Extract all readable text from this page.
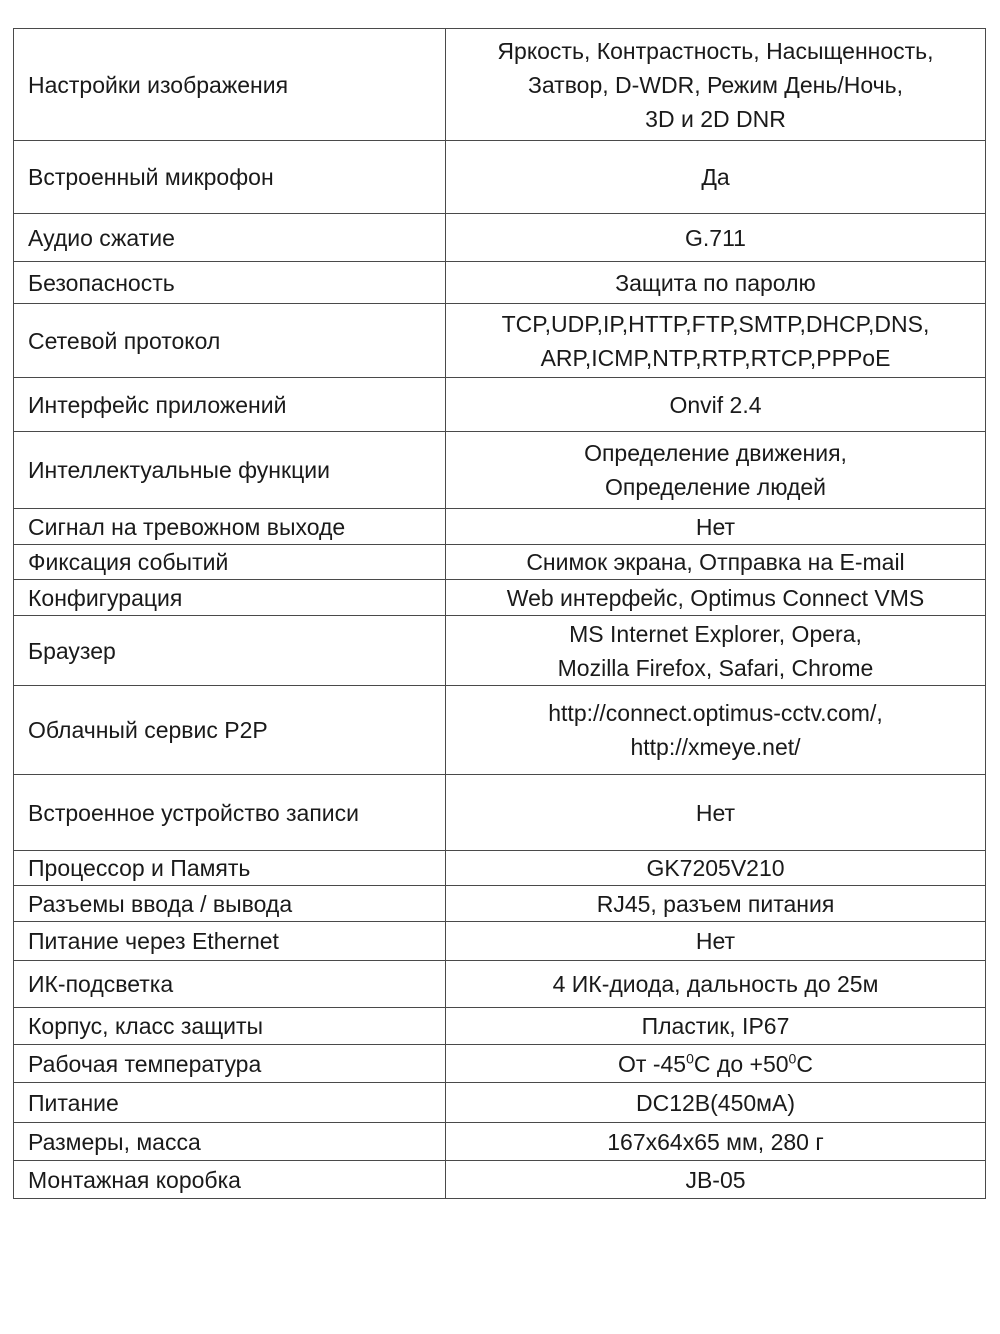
Настройки изображения	Яркость, Контрастность, Насыщенность,
Затвор, D-WDR, Режим День/Ночь,
3D и 2D DNR
Встроенный микрофон	Да
Аудио сжатие	G.711
Безопасность	Защита по паролю
Сетевой протокол	TCP,UDP,IP,HTTP,FTP,SMTP,DHCP,DNS,
ARP,ICMP,NTP,RTP,RTCP,PPPoE
Интерфейс приложений	Onvif 2.4
Интеллектуальные функции	Определение движения,
Определение людей
Сигнал на тревожном выходе	Нет
Фиксация событий	Снимок экрана, Отправка на E-mail
Конфигурация	Web интерфейс, Optimus Connect VMS
Браузер	MS Internet Explorer, Opera,
Mozilla Firefox, Safari, Chrome
Облачный сервис P2P	http://connect.optimus-cctv.com/,
http://xmeye.net/
Встроенное устройство записи	Нет
Процессор и Память	GK7205V210
Разъемы ввода / вывода	RJ45, разъем питания
Питание через Ethernet	Нет
ИК-подсветка	4 ИК-диода, дальность до 25м
Корпус, класс защиты	Пластик, IP67
Рабочая температура	От $-45^0С$ до $+50^0С$
Питание	DC12В(450мА)
Размеры, масса	167x64x65 мм, 280 г
Монтажная коробка	JB-05
